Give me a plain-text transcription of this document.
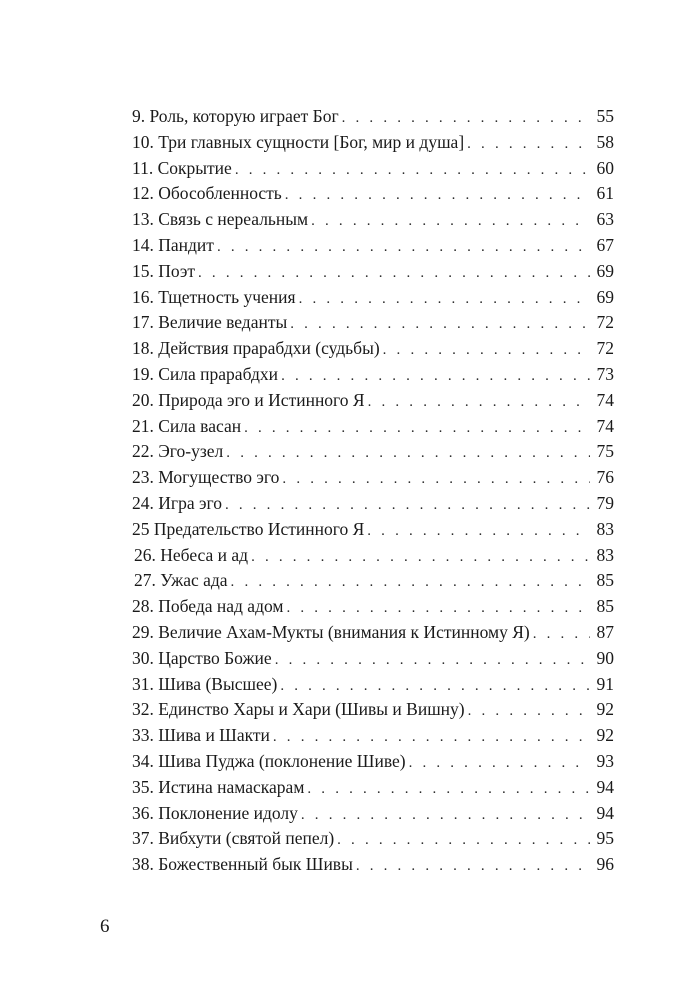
9. Роль, которую играет Бог . . .	55
10. Три главных сущности [Бог, мир и душа] . . .	58
11. Сокрытие . . .	60
12. Обособленность . . .	61
13. Связь с нереальным . . .	63
14. Пандит . . .	67
15. Поэт . . .	69
16. Тщетность учения . . .	69
17. Величие веданты . . .	72
18. Действия прарабдхи (судьбы) . . .	72
19. Сила прарабдхи . . .	73
20. Природа эго и Истинного Я . . .	74
21. Сила васан . . .	74
22. Эго-узел . . .	75
23. Могущество эго . . .	76
24. Игра эго . . .	79
25 Предательство Истинного Я . . .	83
26. Небеса и ад . . .	83
27. Ужас ада . . .	85
28. Победа над адом . . .	85
29. Величие Ахам-Мукты (внимания к Истинному Я) . . .	87
30. Царство Божие . . .	90
31. Шива (Высшее) . . .	91
32. Единство Хары и Хари (Шивы и Вишну) . . .	92
33. Шива и Шакти . . .	92
34. Шива Пуджа (поклонение Шиве) . . .	93
35. Истина намаскарам . . .	94
36. Поклонение идолу . . .	94
37. Вибхути (святой пепел) . . .	95
38. Божественный бык Шивы . . .	96
6
